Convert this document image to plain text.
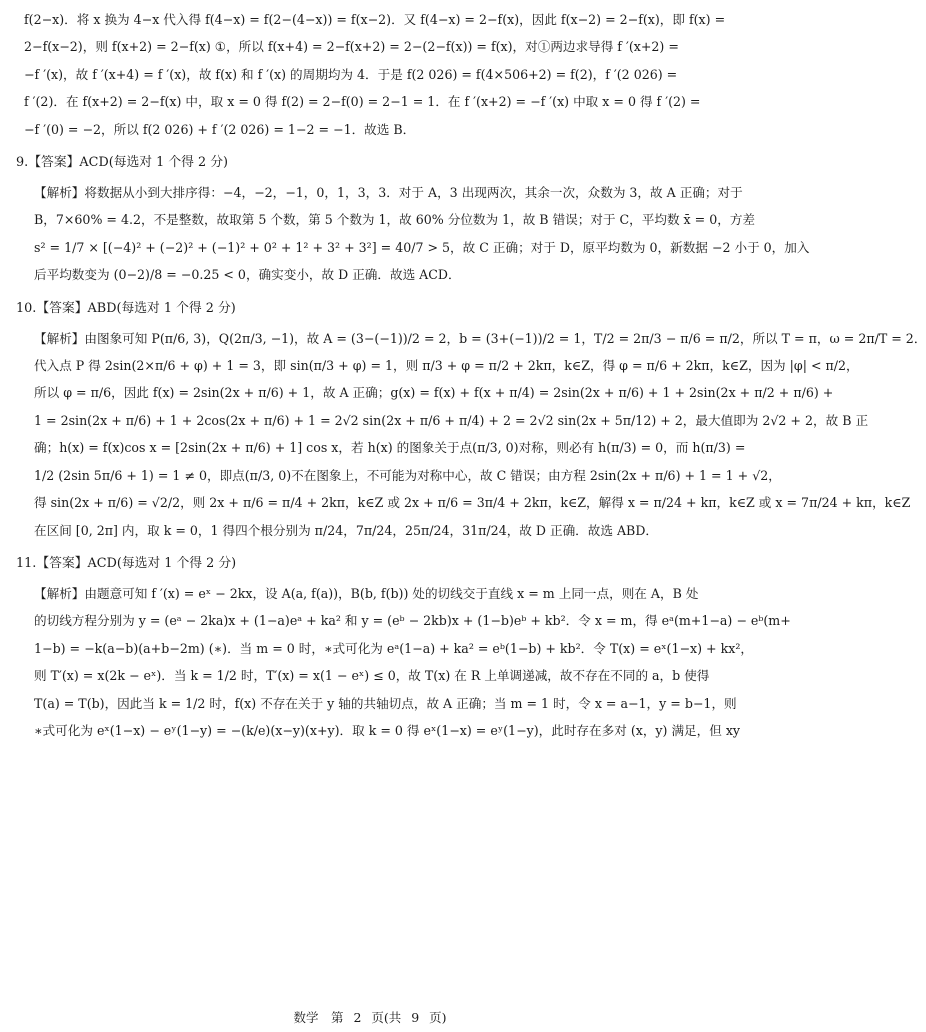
f(2−x)．将 x 换为 4−x 代入得 f(4−x) = f(2−(4−x)) = f(x−2)．又 f(4−x) = 2−f(x)，因此 f(x−2) = 2−f(x)，即 f(x) =

2−f(x−2)，则 f(x+2) = 2−f(x) ①，所以 f(x+4) = 2−f(x+2) = 2−(2−f(x)) = f(x)，对①两边求导得 f ′(x+2) =

−f ′(x)，故 f ′(x+4) = f ′(x)，故 f(x) 和 f ′(x) 的周期均为 4．于是 f(2 026) = f(4×506+2) = f(2)，f ′(2 026) =

f ′(2)．在 f(x+2) = 2−f(x) 中，取 x = 0 得 f(2) = 2−f(0) = 2−1 = 1．在 f ′(x+2) = −f ′(x) 中取 x = 0 得 f ′(2) =

−f ′(0) = −2，所以 f(2 026) + f ′(2 026) = 1−2 = −1．故选 B．

9.【答案】ACD(每选对 1 个得 2 分)

【解析】将数据从小到大排序得：−4，−2，−1，0，1，3，3．对于 A，3 出现两次，其余一次，众数为 3，故 A 正确；对于

B，7×60% = 4.2，不是整数，故取第 5 个数，第 5 个数为 1，故 60% 分位数为 1，故 B 错误；对于 C，平均数 x̄ = 0，方差

s² = 1/7 × [(−4)² + (−2)² + (−1)² + 0² + 1² + 3² + 3²] = 40/7 > 5，故 C 正确；对于 D，原平均数为 0，新数据 −2 小于 0，加入

后平均数变为 (0−2)/8 = −0.25 < 0，确实变小，故 D 正确．故选 ACD．

10.【答案】ABD(每选对 1 个得 2 分)

【解析】由图象可知 P(π/6, 3)，Q(2π/3, −1)，故 A = (3−(−1))/2 = 2，b = (3+(−1))/2 = 1，T/2 = 2π/3 − π/6 = π/2，所以 T = π，ω = 2π/T = 2．

代入点 P 得 2sin(2×π/6 + φ) + 1 = 3，即 sin(π/3 + φ) = 1，则 π/3 + φ = π/2 + 2kπ，k∈Z，得 φ = π/6 + 2kπ，k∈Z，因为 |φ| < π/2，

所以 φ = π/6，因此 f(x) = 2sin(2x + π/6) + 1，故 A 正确；g(x) = f(x) + f(x + π/4) = 2sin(2x + π/6) + 1 + 2sin(2x + π/2 + π/6) +

1 = 2sin(2x + π/6) + 1 + 2cos(2x + π/6) + 1 = 2√2 sin(2x + π/6 + π/4) + 2 = 2√2 sin(2x + 5π/12) + 2，最大值即为 2√2 + 2，故 B 正

确；h(x) = f(x)cos x = [2sin(2x + π/6) + 1] cos x，若 h(x) 的图象关于点(π/3, 0)对称，则必有 h(π/3) = 0，而 h(π/3) =

1/2 (2sin 5π/6 + 1) = 1 ≠ 0，即点(π/3, 0)不在图象上，不可能为对称中心，故 C 错误；由方程 2sin(2x + π/6) + 1 = 1 + √2，

得 sin(2x + π/6) = √2/2，则 2x + π/6 = π/4 + 2kπ，k∈Z 或 2x + π/6 = 3π/4 + 2kπ，k∈Z，解得 x = π/24 + kπ，k∈Z 或 x = 7π/24 + kπ，k∈Z

在区间 [0, 2π] 内，取 k = 0，1 得四个根分别为 π/24，7π/24，25π/24，31π/24，故 D 正确．故选 ABD．

11.【答案】ACD(每选对 1 个得 2 分)

【解析】由题意可知 f ′(x) = eˣ − 2kx，设 A(a, f(a))，B(b, f(b)) 处的切线交于直线 x = m 上同一点，则在 A，B 处

的切线方程分别为 y = (eᵃ − 2ka)x + (1−a)eᵃ + ka² 和 y = (eᵇ − 2kb)x + (1−b)eᵇ + kb²．令 x = m，得 eᵃ(m+1−a) − eᵇ(m+

1−b) = −k(a−b)(a+b−2m) (∗)．当 m = 0 时，∗式可化为 eᵃ(1−a) + ka² = eᵇ(1−b) + kb²．令 T(x) = eˣ(1−x) + kx²，

则 T′(x) = x(2k − eˣ)．当 k = 1/2 时，T′(x) = x(1 − eˣ) ≤ 0，故 T(x) 在 R 上单调递减，故不存在不同的 a，b 使得

T(a) = T(b)，因此当 k = 1/2 时，f(x) 不存在关于 y 轴的共轴切点，故 A 正确；当 m = 1 时，令 x = a−1，y = b−1，则

∗式可化为 eˣ(1−x) − eʸ(1−y) = −(k/e)(x−y)(x+y)．取 k = 0 得 eˣ(1−x) = eʸ(1−y)，此时存在多对 (x，y) 满足，但 xy

数学　第 2 页(共 9 页)
